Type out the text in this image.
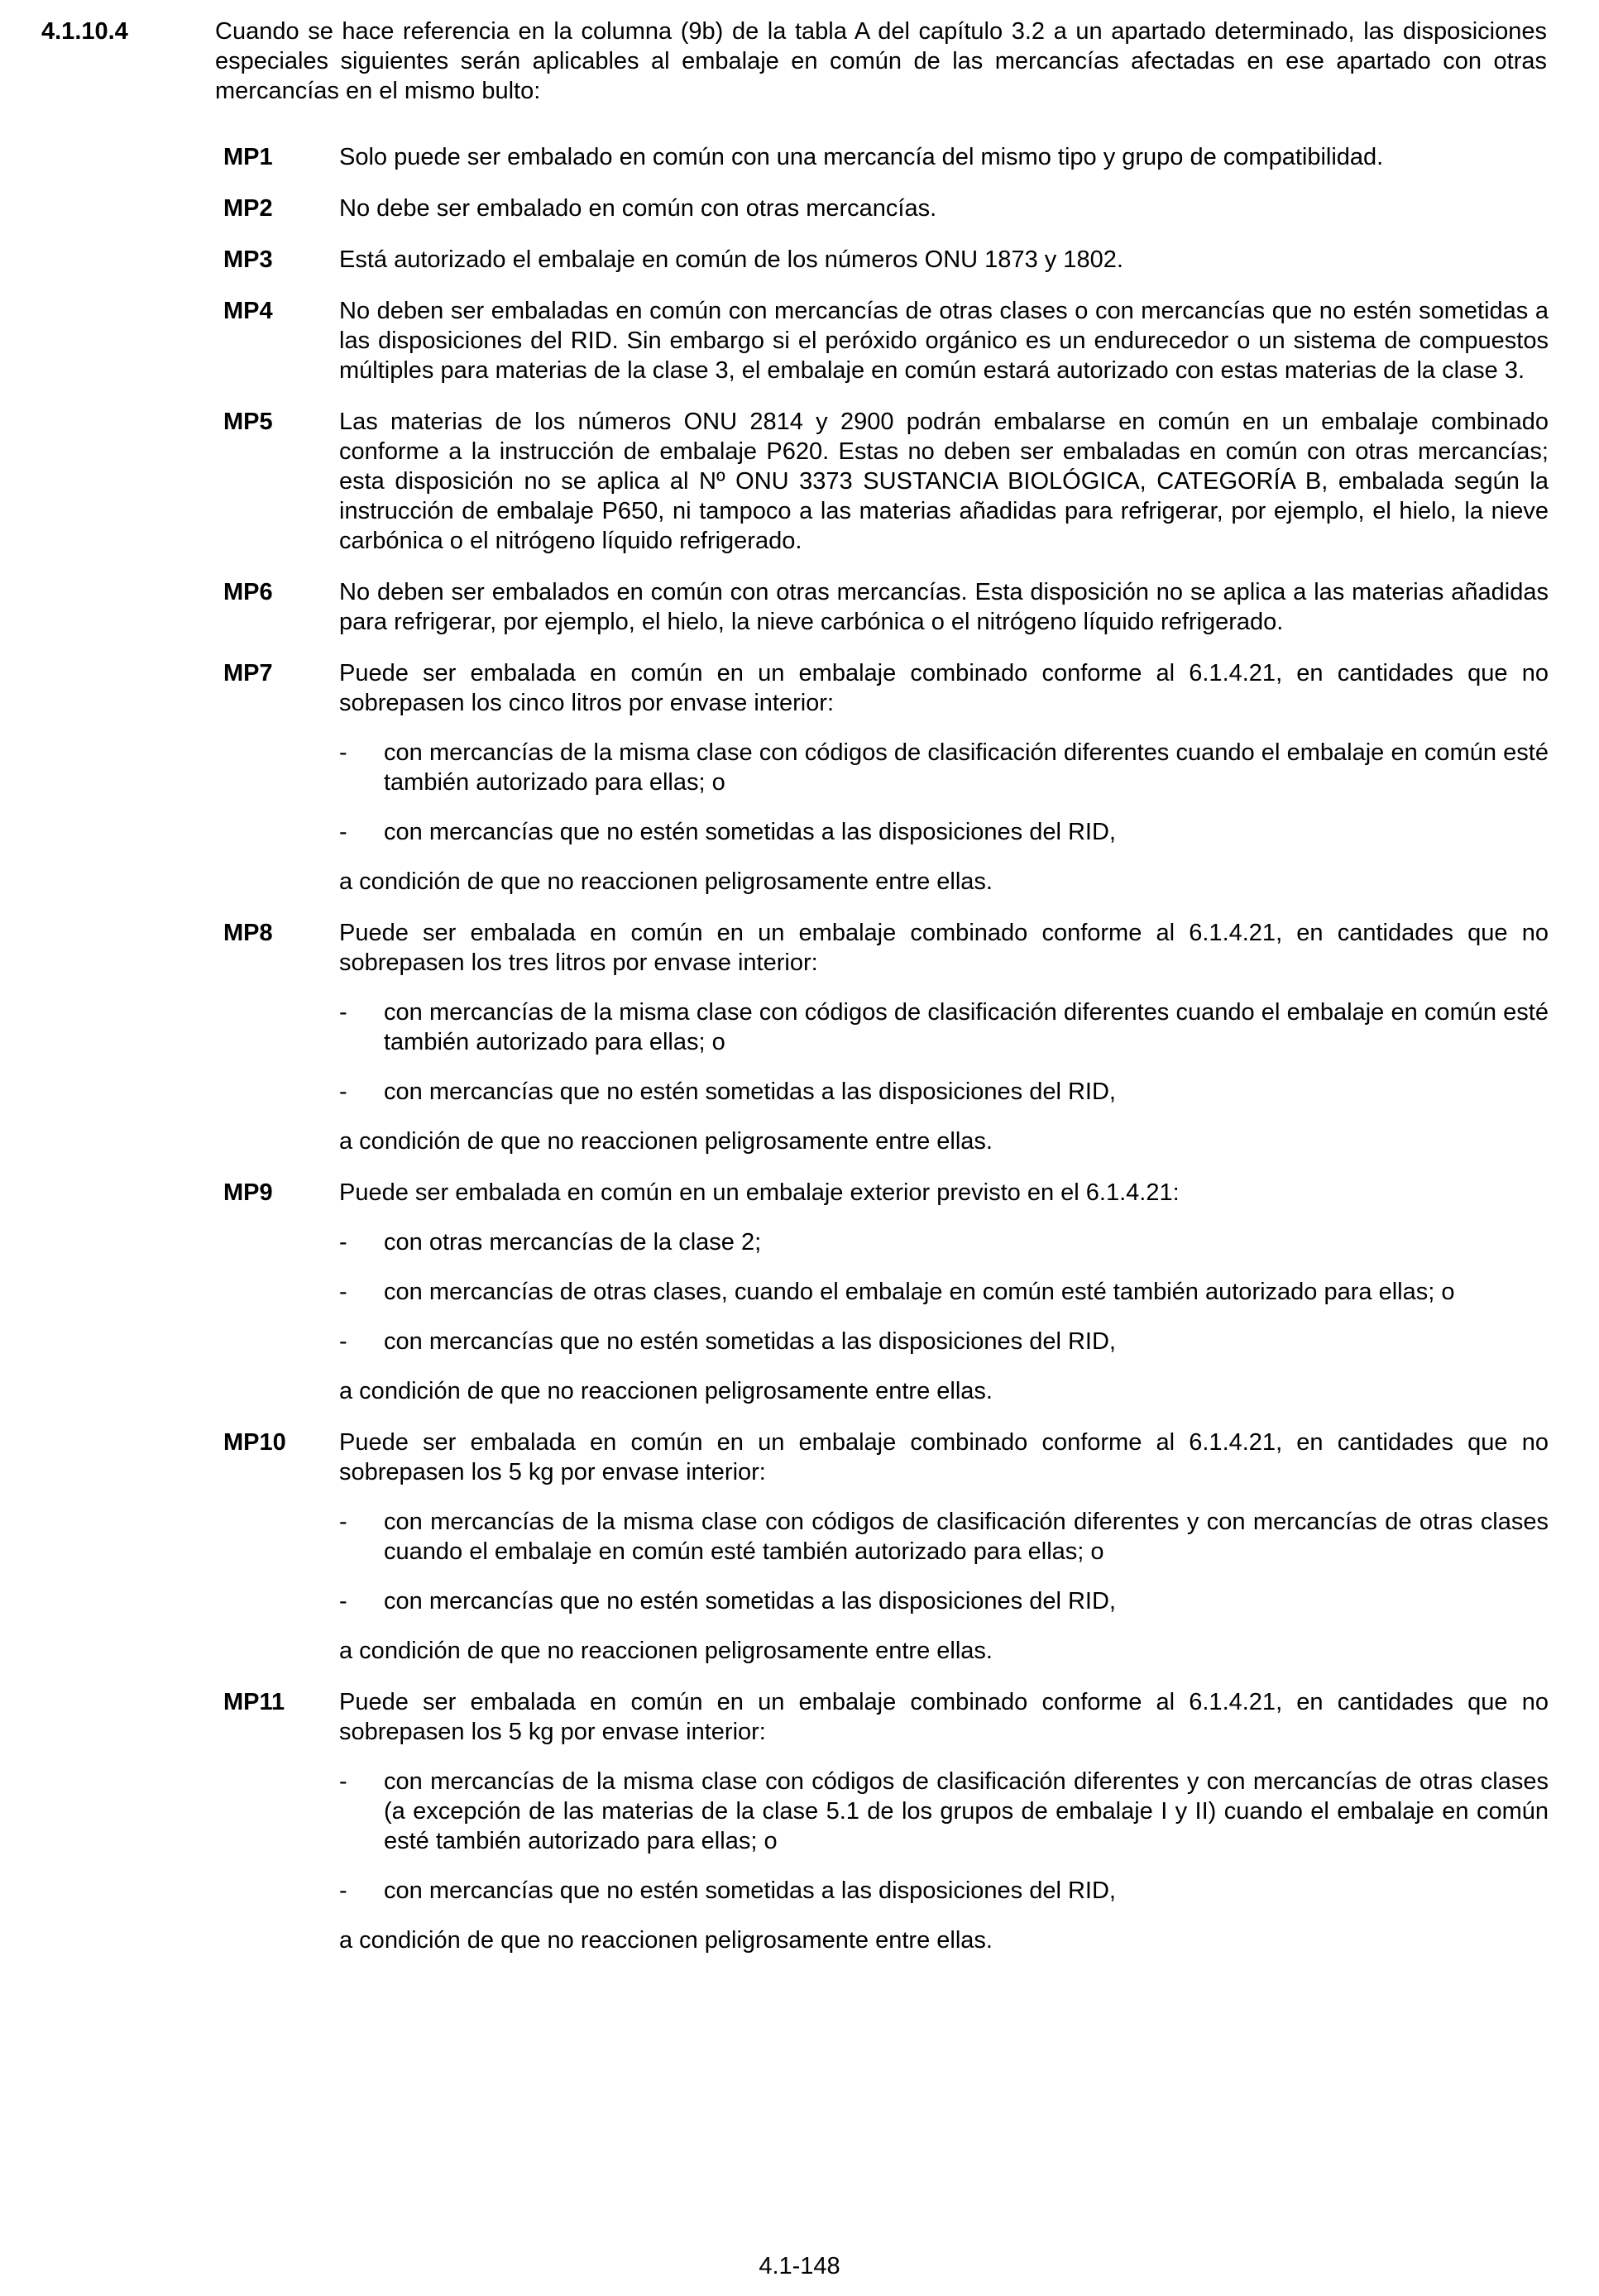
4.1.10.4	Cuando se hace referencia en la columna (9b) de la tabla A del capítulo 3.2 a un apartado determinado, las disposiciones especiales siguientes serán aplicables al embalaje en común de las mercancías afectadas en ese apartado con otras mercancías en el mismo bulto:
MP1	Solo puede ser embalado en común con una mercancía del mismo tipo y grupo de compatibilidad.
MP2	No debe ser embalado en común con otras mercancías.
MP3	Está autorizado el embalaje en común de los números ONU 1873 y 1802.
MP4	No deben ser embaladas en común con mercancías de otras clases o con mercancías que no estén sometidas a las disposiciones del RID. Sin embargo si el peróxido orgánico es un endurecedor o un sistema de compuestos múltiples para materias de la clase 3, el embalaje en común estará autorizado con estas materias de la clase 3.
MP5	Las materias de los números ONU 2814 y 2900 podrán embalarse en común en un embalaje combinado conforme a la instrucción de embalaje P620. Estas no deben ser embaladas en común con otras mercancías; esta disposición no se aplica al Nº ONU 3373 SUSTANCIA BIOLÓGICA, CATEGORÍA B, embalada según la instrucción de embalaje P650, ni tampoco a las materias añadidas para refrigerar, por ejemplo, el hielo, la nieve carbónica o el nitrógeno líquido refrigerado.
MP6	No deben ser embalados en común con otras mercancías. Esta disposición no se aplica a las materias añadidas para refrigerar, por ejemplo, el hielo, la nieve carbónica o el nitrógeno líquido refrigerado.
MP7	Puede ser embalada en común en un embalaje combinado conforme al 6.1.4.21, en cantidades que no sobrepasen los cinco litros por envase interior:
- con mercancías de la misma clase con códigos de clasificación diferentes cuando el embalaje en común esté también autorizado para ellas; o
- con mercancías que no estén sometidas a las disposiciones del RID,
a condición de que no reaccionen peligrosamente entre ellas.
MP8	Puede ser embalada en común en un embalaje combinado conforme al 6.1.4.21, en cantidades que no sobrepasen los tres litros por envase interior:
- con mercancías de la misma clase con códigos de clasificación diferentes cuando el embalaje en común esté también autorizado para ellas; o
- con mercancías que no estén sometidas a las disposiciones del RID,
a condición de que no reaccionen peligrosamente entre ellas.
MP9	Puede ser embalada en común en un embalaje exterior previsto en el 6.1.4.21:
- con otras mercancías de la clase 2;
- con mercancías de otras clases, cuando el embalaje en común esté también autorizado para ellas; o
- con mercancías que no estén sometidas a las disposiciones del RID,
a condición de que no reaccionen peligrosamente entre ellas.
MP10 Puede ser embalada en común en un embalaje combinado conforme al 6.1.4.21, en cantidades que no sobrepasen los 5 kg por envase interior:
- con mercancías de la misma clase con códigos de clasificación diferentes y con mercancías de otras clases cuando el embalaje en común esté también autorizado para ellas; o
- con mercancías que no estén sometidas a las disposiciones del RID,
a condición de que no reaccionen peligrosamente entre ellas.
MP11 Puede ser embalada en común en un embalaje combinado conforme al 6.1.4.21, en cantidades que no sobrepasen los 5 kg por envase interior:
- con mercancías de la misma clase con códigos de clasificación diferentes y con mercancías de otras clases (a excepción de las materias de la clase 5.1 de los grupos de embalaje I y II) cuando el embalaje en común esté también autorizado para ellas; o
- con mercancías que no estén sometidas a las disposiciones del RID,
a condición de que no reaccionen peligrosamente entre ellas.
4.1-148
